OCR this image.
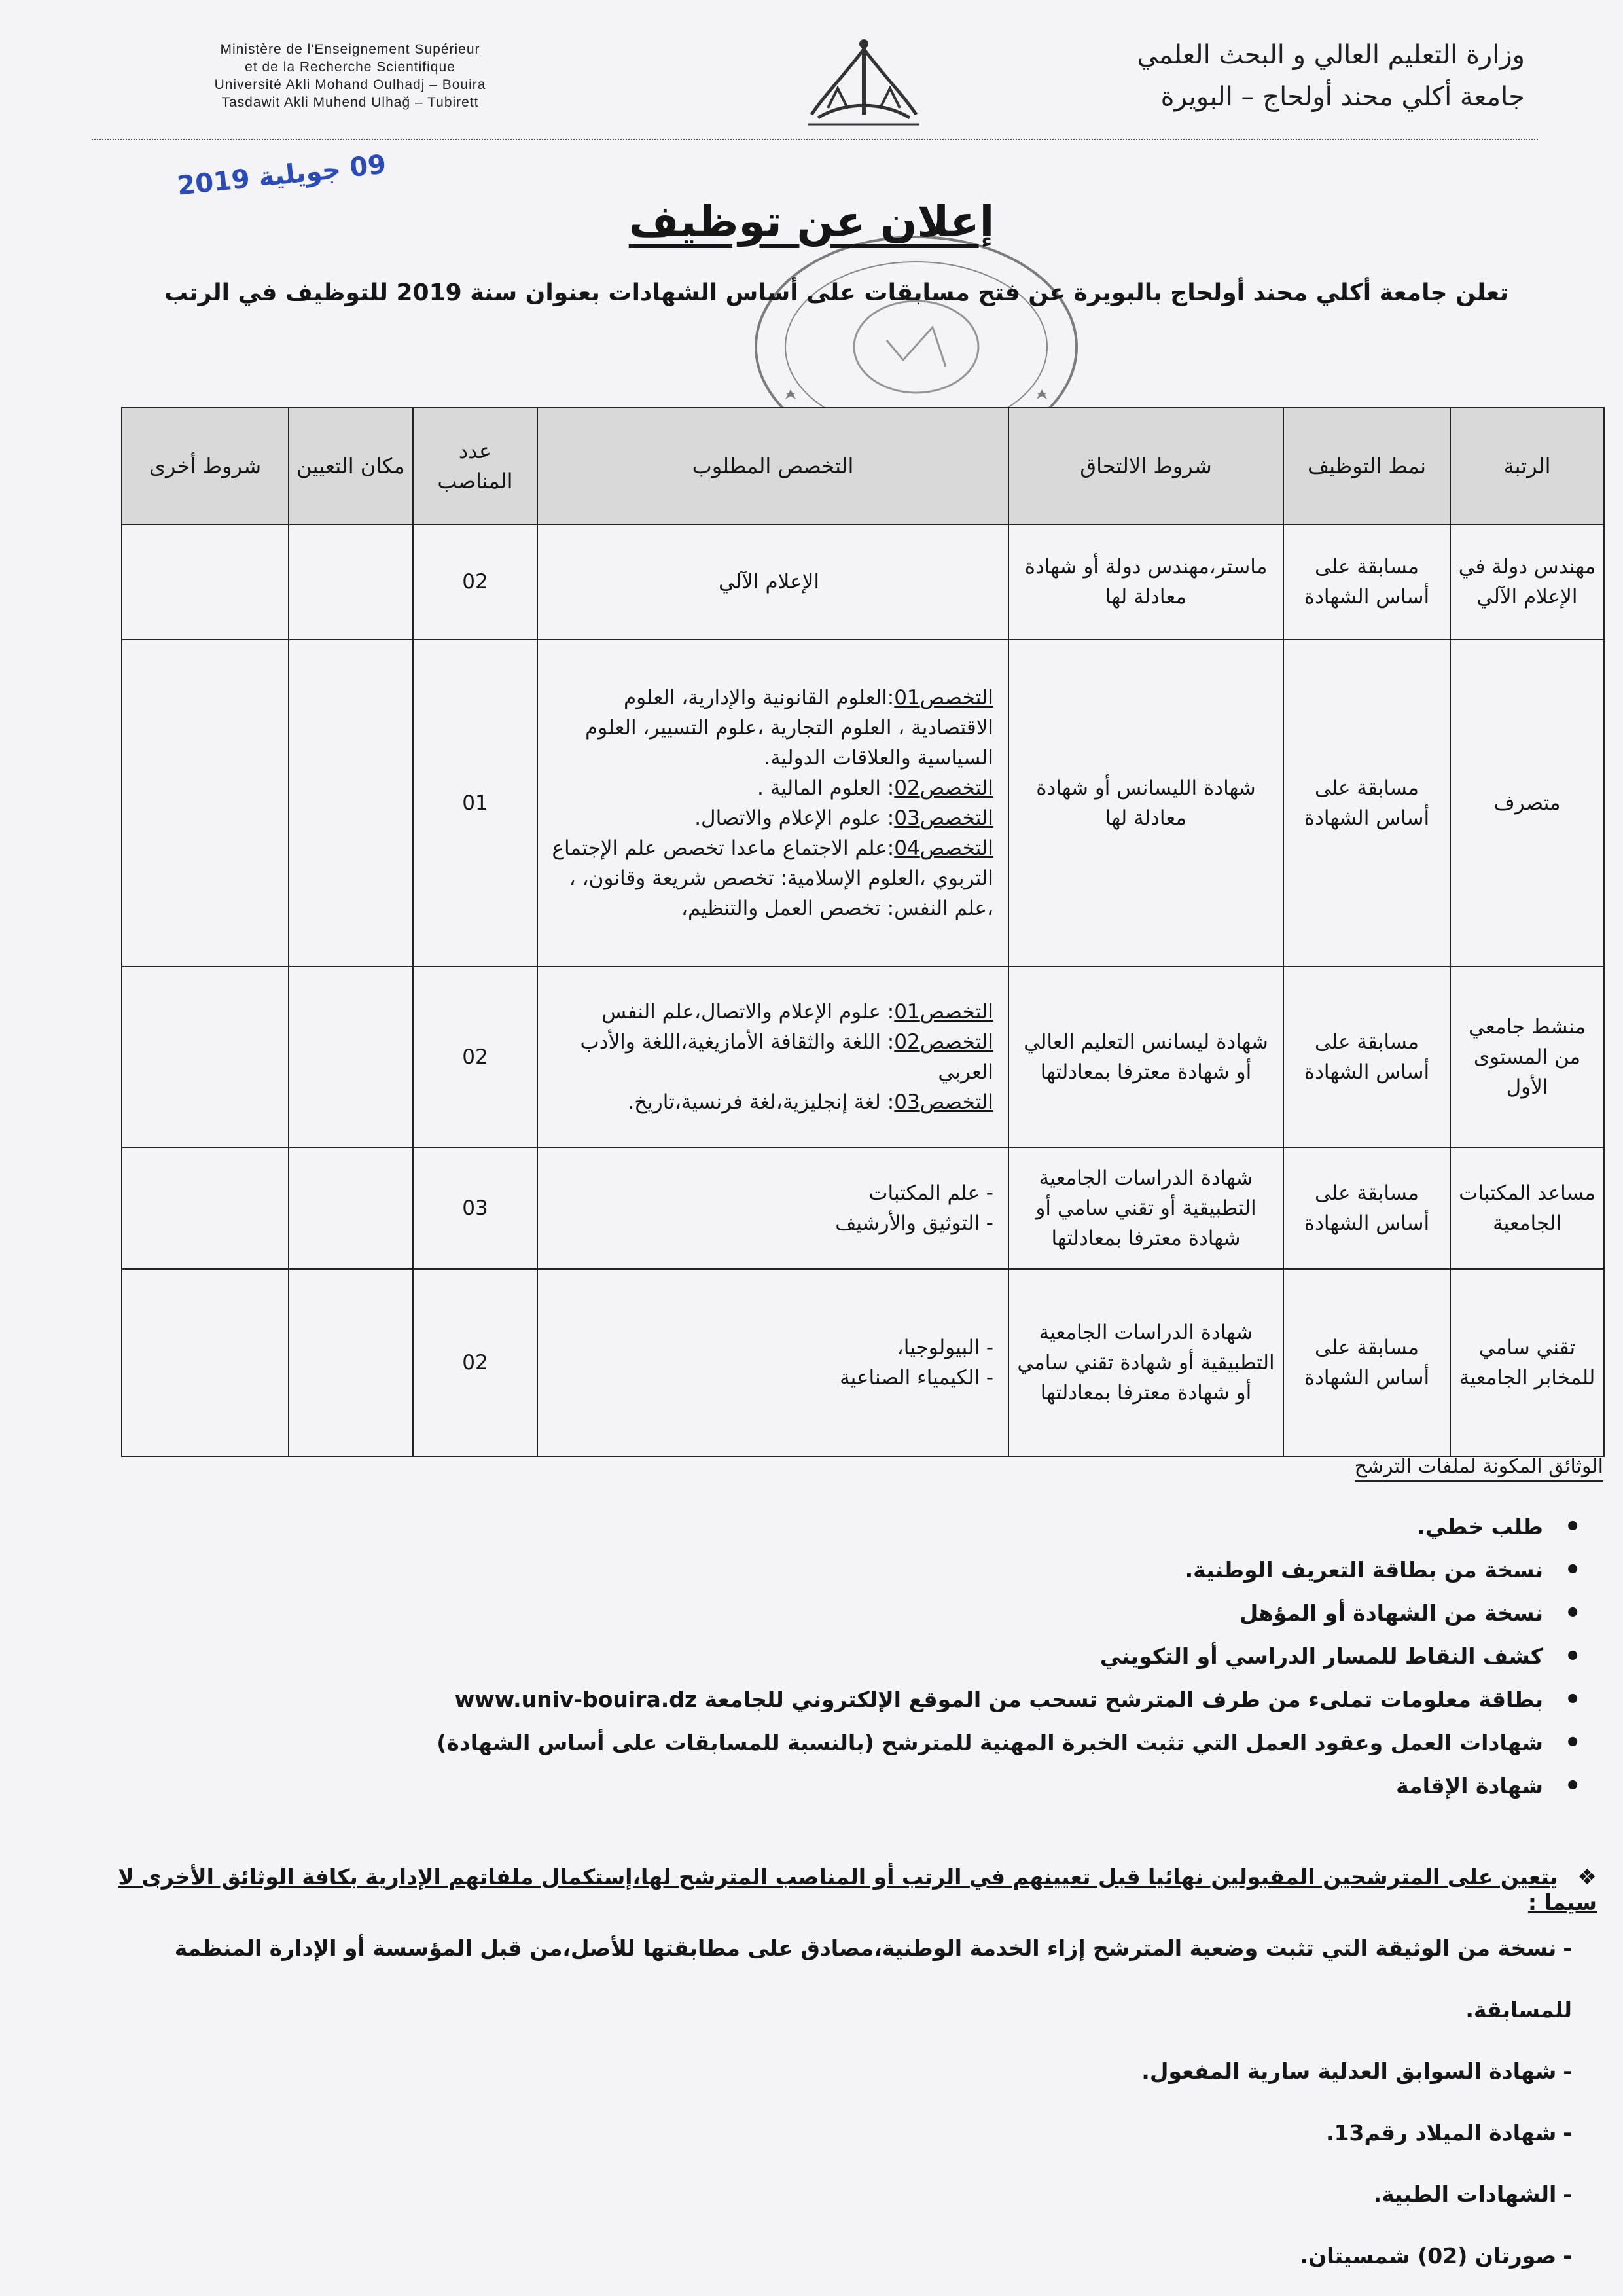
Ministère de l'Enseignement Supérieur
et de la Recherche Scientifique
Université Akli Mohand Oulhadj – Bouira
Tasdawit Akli Muhend Ulhağ – Tubirett
وزارة التعليم العالي و البحث العلمي
جامعة أكلي محند أولحاج – البويرة
09 جويلية 2019
إعلان عن توظيف
تعلن جامعة أكلي محند أولحاج بالبويرة عن فتح مسابقات على أساس الشهادات بعنوان سنة 2019 للتوظيف في الرتب
الرتبة	نمط التوظيف	شروط الالتحاق	التخصص المطلوب	عدد المناصب	مكان التعيين	شروط أخرى
مهندس دولة في الإعلام الآلي	مسابقة على أساس الشهادة	ماستر،مهندس دولة أو شهادة معادلة لها	الإعلام الآلي	02		
متصرف	مسابقة على أساس الشهادة	شهادة الليسانس أو شهادة معادلة لها	التخصص01:العلوم القانونية والإدارية، العلوم الاقتصادية ، العلوم التجارية ،علوم التسيير، العلوم السياسية والعلاقات الدولية.
التخصص02: العلوم المالية .
التخصص03: علوم الإعلام والاتصال.
التخصص04:علم الاجتماع ماعدا تخصص علم الإجتماع التربوي ،العلوم الإسلامية: تخصص شريعة وقانون، ، ،علم النفس: تخصص العمل والتنظيم،	01		
منشط جامعي من المستوى الأول	مسابقة على أساس الشهادة	شهادة ليسانس التعليم العالي أو شهادة معترفا بمعادلتها	التخصص01: علوم الإعلام والاتصال،علم النفس
التخصص02: اللغة والثقافة الأمازيغية،اللغة والأدب العربي
التخصص03: لغة إنجليزية،لغة فرنسية،تاريخ.	02		
مساعد المكتبات الجامعية	مسابقة على أساس الشهادة	شهادة الدراسات الجامعية التطبيقية أو تقني سامي أو شهادة معترفا بمعادلتها	- علم المكتبات
- التوثيق والأرشيف	03		
تقني سامي للمخابر الجامعية	مسابقة على أساس الشهادة	شهادة الدراسات الجامعية التطبيقية أو شهادة تقني سامي أو شهادة معترفا بمعادلتها	- البيولوجيا،
- الكيمياء الصناعية	02		
الوثائق المكونة لملفات الترشح
• طلب خطي.
• نسخة من بطاقة التعريف الوطنية.
• نسخة من الشهادة أو المؤهل
• كشف النقاط للمسار الدراسي أو التكويني
• بطاقة معلومات تملىء من طرف المترشح تسحب من الموقع الإلكتروني للجامعة www.univ-bouira.dz
• شهادات العمل وعقود العمل التي تثبت الخبرة المهنية للمترشح (بالنسبة للمسابقات على أساس الشهادة)
• شهادة الإقامة
❖يتعين على المترشحين المقبولين نهائيا قبل تعيينهم في الرتب أو المناصب المترشح لها،إستكمال ملفاتهم الإدارية بكافة الوثائق الأخرى لا سيما :
-نسخة من الوثيقة التي تثبت وضعية المترشح إزاء الخدمة الوطنية،مصادق على مطابقتها للأصل،من قبل المؤسسة أو الإدارة المنظمة للمسابقة.
-شهادة السوابق العدلية سارية المفعول.
-شهادة الميلاد رقم13.
-الشهادات الطبية.
-صورتان (02) شمسيتان.
